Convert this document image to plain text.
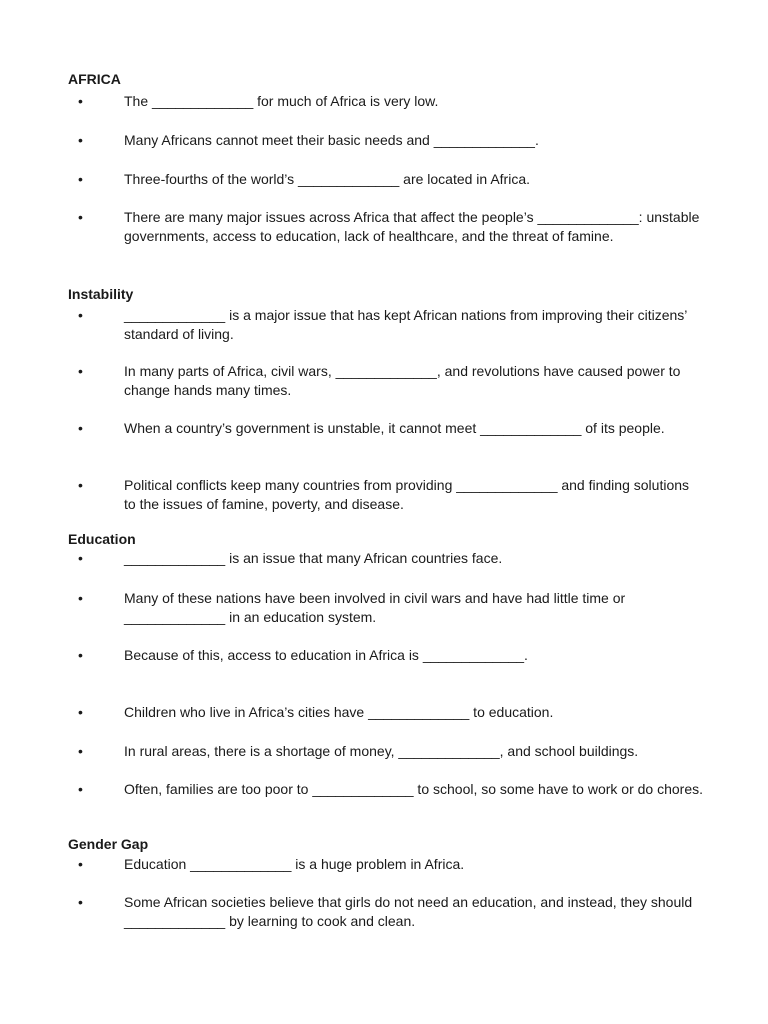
AFRICA
•	The _____________ for much of Africa is very low.

•	Many Africans cannot meet their basic needs and _____________.

•	Three-fourths of the world’s _____________ are located in Africa.

•	There are many major issues across Africa that affect the people’s _____________: unstable governments, access to education, lack of healthcare, and the threat of famine.

Instability
•	_____________ is a major issue that has kept African nations from improving their citizens’ standard of living.

•	In many parts of Africa, civil wars, _____________, and revolutions have caused power to change hands many times.

•	When a country’s government is unstable, it cannot meet _____________ of its people.

•	Political conflicts keep many countries from providing _____________ and finding solutions to the issues of famine, poverty, and disease.

Education
•	_____________ is an issue that many African countries face.

•	Many of these nations have been involved in civil wars and have had little time or _____________ in an education system.

•	Because of this, access to education in Africa is _____________.

•	Children who live in Africa’s cities have _____________ to education.

•	In rural areas, there is a shortage of money, _____________, and school buildings.

•	Often, families are too poor to _____________ to school, so some have to work or do chores.

Gender Gap
•	Education _____________ is a huge problem in Africa.

•	Some African societies believe that girls do not need an education, and instead, they should _____________ by learning to cook and clean.
